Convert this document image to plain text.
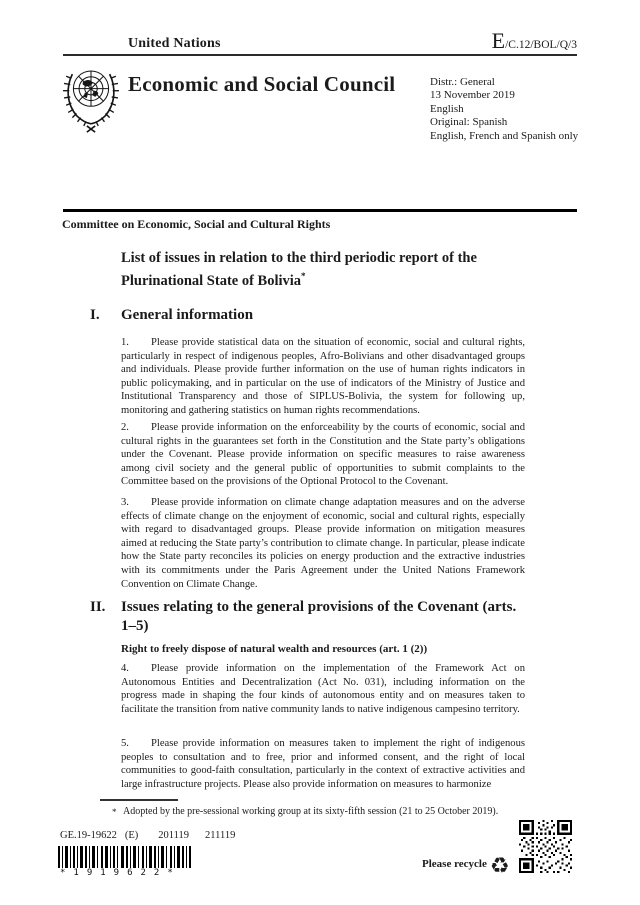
United Nations	E/C.12/BOL/Q/3
Economic and Social Council	Distr.: General
13 November 2019
English
Original: Spanish
English, French and Spanish only
Committee on Economic, Social and Cultural Rights
List of issues in relation to the third periodic report of the Plurinational State of Bolivia*
I.	General information
1. Please provide statistical data on the situation of economic, social and cultural rights, particularly in respect of indigenous peoples, Afro-Bolivians and other disadvantaged groups and individuals. Please provide further information on the use of human rights indicators in public policymaking, and in particular on the use of indicators of the Ministry of Justice and Institutional Transparency and those of SIPLUS-Bolivia, the system for following up, monitoring and gathering statistics on human rights recommendations.
2. Please provide information on the enforceability by the courts of economic, social and cultural rights in the guarantees set forth in the Constitution and the State party’s obligations under the Covenant. Please provide information on specific measures to raise awareness among civil society and the general public of opportunities to submit complaints to the Committee based on the provisions of the Optional Protocol to the Covenant.
3. Please provide information on climate change adaptation measures and on the adverse effects of climate change on the enjoyment of economic, social and cultural rights, especially with regard to disadvantaged groups. Please provide information on mitigation measures aimed at reducing the State party’s contribution to climate change. In particular, please indicate how the State party reconciles its policies on energy production and the extractive industries with its commitments under the Paris Agreement under the United Nations Framework Convention on Climate Change.
II.	Issues relating to the general provisions of the Covenant (arts. 1–5)
Right to freely dispose of natural wealth and resources (art. 1 (2))
4. Please provide information on the implementation of the Framework Act on Autonomous Entities and Decentralization (Act No. 031), including information on the progress made in shaping the four kinds of autonomous entity and on measures taken to facilitate the transition from native community lands to native indigenous campesino territory.
5. Please provide information on measures taken to implement the right of indigenous peoples to consultation and to free, prior and informed consent, and the right of local communities to good-faith consultation, particularly in the context of extractive activities and large infrastructure projects. Please also provide information on measures to harmonize
* Adopted by the pre-sessional working group at its sixty-fifth session (21 to 25 October 2019).
GE.19-19622 (E) 201119 211119
*1919622*
Please recycle ♻
